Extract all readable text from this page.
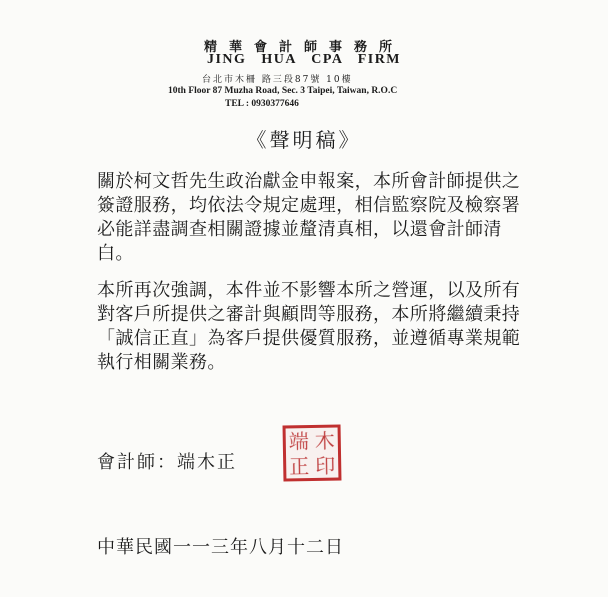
精華會計師事務所
JING HUA CPA FIRM
台北市木柵 路三段87號 10樓
10th Floor 87 Muzha Road, Sec. 3 Taipei, Taiwan, R.O.C
TEL : 0930377646
《聲明稿》
關於柯文哲先生政治獻金申報案，本所會計師提供之簽證服務，均依法令規定處理，相信監察院及檢察署必能詳盡調查相關證據並釐清真相，以還會計師清白。
本所再次強調，本件並不影響本所之營運，以及所有對客戶所提供之審計與顧問等服務，本所將繼續秉持「誠信正直」為客戶提供優質服務，並遵循專業規範執行相關業務。
會計師：端木正
端 木
正 印
中華民國一一三年八月十二日
